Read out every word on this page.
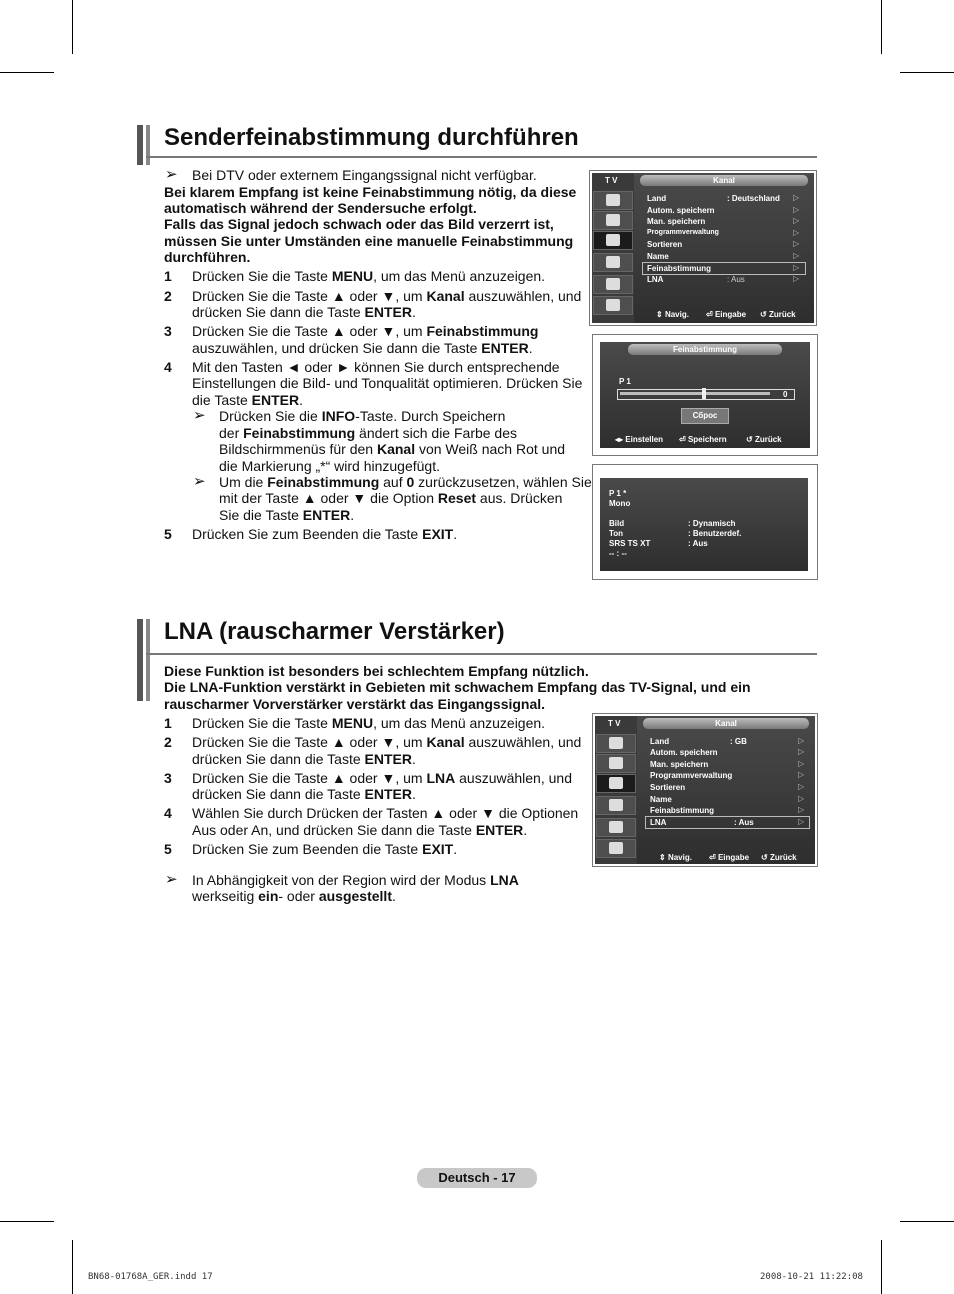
Senderfeinabstimmung durchführen
➢ Bei DTV oder externem Eingangssignal nicht verfügbar.
Bei klarem Empfang ist keine Feinabstimmung nötig, da diese
automatisch während der Sendersuche erfolgt.
Falls das Signal jedoch schwach oder das Bild verzerrt ist,
müssen Sie unter Umständen eine manuelle Feinabstimmung
durchführen.
1 Drücken Sie die Taste MENU, um das Menü anzuzeigen.
2 Drücken Sie die Taste ▲ oder ▼, um Kanal auszuwählen, und
drücken Sie dann die Taste ENTER.
3 Drücken Sie die Taste ▲ oder ▼, um Feinabstimmung
auszuwählen, und drücken Sie dann die Taste ENTER.
4 Mit den Tasten ◄ oder ► können Sie durch entsprechende
Einstellungen die Bild- und Tonqualität optimieren. Drücken Sie
die Taste ENTER.
➢ Drücken Sie die INFO-Taste. Durch Speichern
der Feinabstimmung ändert sich die Farbe des
Bildschirmmenüs für den Kanal von Weiß nach Rot und
die Markierung „*“ wird hinzugefügt.
➢ Um die Feinabstimmung auf 0 zurückzusetzen, wählen Sie
mit der Taste ▲ oder ▼ die Option Reset aus. Drücken
Sie die Taste ENTER.
5 Drücken Sie zum Beenden die Taste EXIT.
T V	Kanal
Land	: Deutschland ▷
Autom. speichern	▷
Man. speichern	▷
Programmverwaltung	▷
Sortieren	▷
Name	▷
Feinabstimmung	▷
LNA	: Aus	▷
⇕ Navig. ⏎ Eingabe ↺ Zurück
Feinabstimmung
P 1
0
Сброс
◂▸ Einstellen ⏎ Speichern ↺ Zurück
P 1 *
Mono
Bild	: Dynamisch
Ton	: Benutzerdef.
SRS TS XT	: Aus
-- : --
LNA (rauscharmer Verstärker)
Diese Funktion ist besonders bei schlechtem Empfang nützlich.
Die LNA-Funktion verstärkt in Gebieten mit schwachem Empfang das TV-Signal, und ein
rauscharmer Vorverstärker verstärkt das Eingangssignal.
1 Drücken Sie die Taste MENU, um das Menü anzuzeigen.
2 Drücken Sie die Taste ▲ oder ▼, um Kanal auszuwählen, und
drücken Sie dann die Taste ENTER.
3 Drücken Sie die Taste ▲ oder ▼, um LNA auszuwählen, und
drücken Sie dann die Taste ENTER.
4 Wählen Sie durch Drücken der Tasten ▲ oder ▼ die Optionen
Aus oder An, und drücken Sie dann die Taste ENTER.
5 Drücken Sie zum Beenden die Taste EXIT.
➢ In Abhängigkeit von der Region wird der Modus LNA
werkseitig ein- oder ausgestellt.
T V	Kanal
Land	: GB	▷
Autom. speichern	▷
Man. speichern	▷
Programmverwaltung	▷
Sortieren	▷
Name	▷
Feinabstimmung	▷
LNA	: Aus	▷
⇕ Navig. ⏎ Eingabe ↺ Zurück
Deutsch - 17
BN68-01768A_GER.indd 17	2008-10-21 11:22:08
